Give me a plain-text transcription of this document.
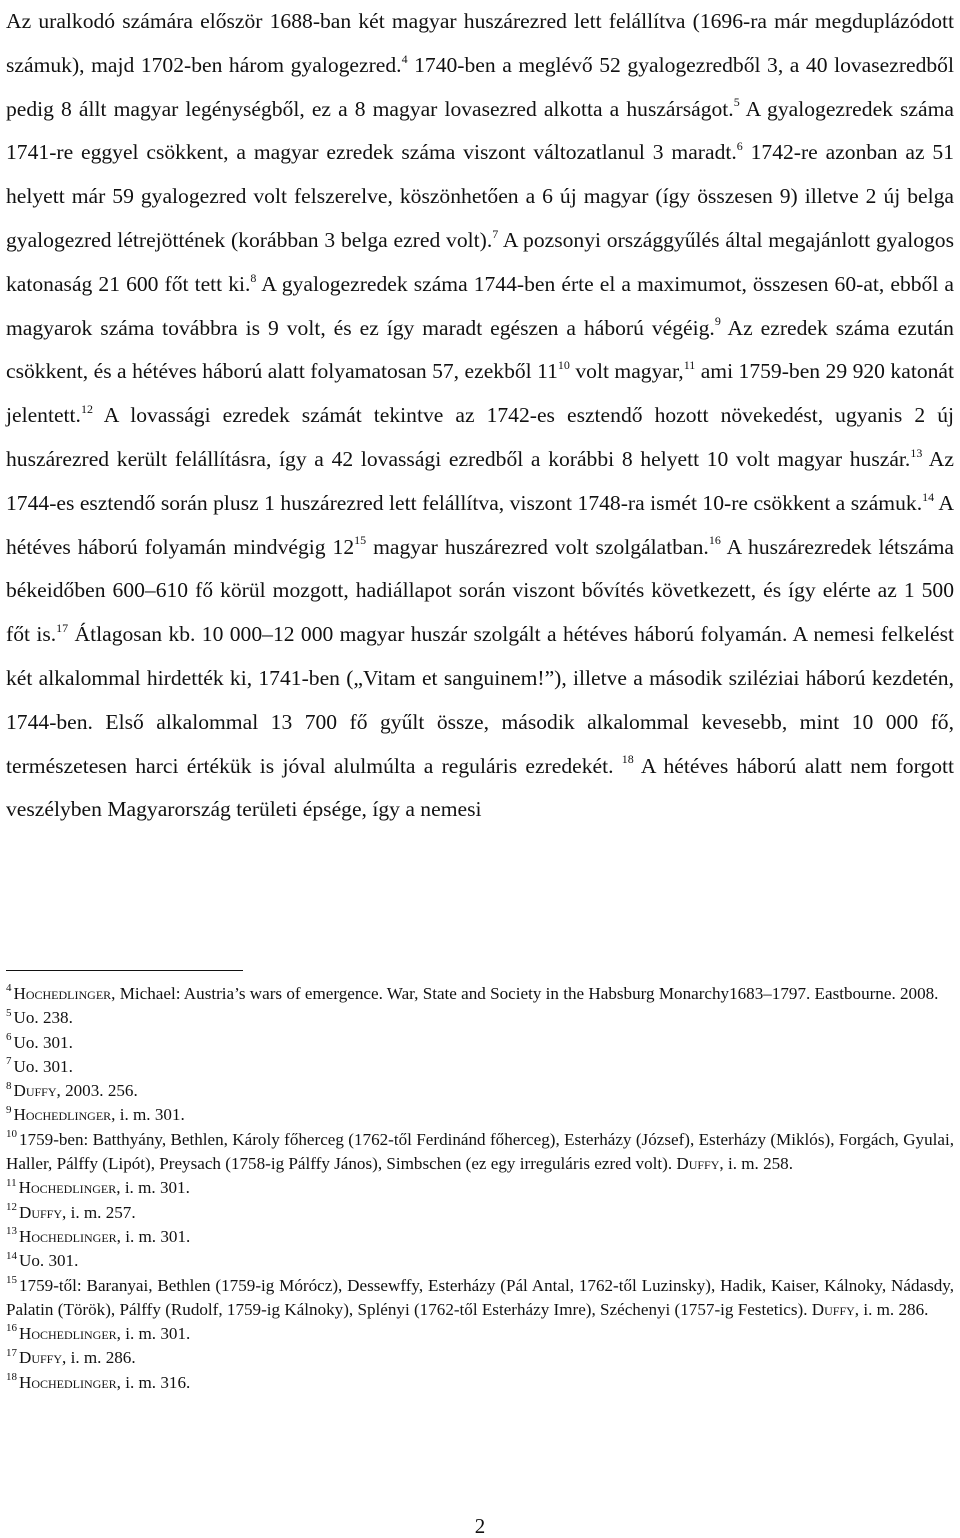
Az uralkodó számára először 1688-ban két magyar huszárezred lett felállítva (1696-ra már megduplázódott számuk), majd 1702-ben három gyalogezred.$^4$ 1740-ben a meglévő 52 gyalogezredből 3, a 40 lovasezredből pedig 8 állt magyar legénységből, ez a 8 magyar lovasezred alkotta a huszárságot.$^5$ A gyalogezredek száma 1741-re eggyel csökkent, a magyar ezredek száma viszont változatlanul 3 maradt.$^6$ 1742-re azonban az 51 helyett már 59 gyalogezred volt felszerelve, köszönhetően a 6 új magyar (így összesen 9) illetve 2 új belga gyalogezred létrejöttének (korábban 3 belga ezred volt).$^7$ A pozsonyi országgyűlés által megajánlott gyalogos katonaság 21 600 főt tett ki.$^8$ A gyalogezredek száma 1744-ben érte el a maximumot, összesen 60-at, ebből a magyarok száma továbbra is 9 volt, és ez így maradt egészen a háború végéig.$^9$ Az ezredek száma ezután csökkent, és a hétéves háború alatt folyamatosan 57, ezekből $11^{10}$ volt magyar,$^{11}$ ami 1759-ben 29 920 katonát jelentett.$^{12}$ A lovassági ezredek számát tekintve az 1742-es esztendő hozott növekedést, ugyanis 2 új huszárezred került felállításra, így a 42 lovassági ezredből a korábbi 8 helyett 10 volt magyar huszár.$^{13}$ Az 1744-es esztendő során plusz 1 huszárezred lett felállítva, viszont 1748-ra ismét 10-re csökkent a számuk.$^{14}$ A hétéves háború folyamán mindvégig $12^{15}$ magyar huszárezred volt szolgálatban.$^{16}$ A huszárezredek létszáma békeidőben 600–610 fő körül mozgott, hadiállapot során viszont bővítés következett, és így elérte az 1 500 főt is.$^{17}$ Átlagosan kb. 10 000–12 000 magyar huszár szolgált a hétéves háború folyamán. A nemesi felkelést két alkalommal hirdették ki, 1741-ben („Vitam et sanguinem!”), illetve a második sziléziai háború kezdetén, 1744-ben. Első alkalommal 13 700 fő gyűlt össze, második alkalommal kevesebb, mint 10 000 fő, természetesen harci értékük is jóval alulmúlta a reguláris ezredekét. $^{18}$ A hétéves háború alatt nem forgott veszélyben Magyarország területi épsége, így a nemesi

$^4$ Hochedlinger, Michael: Austria’s wars of emergence. War, State and Society in the Habsburg Monarchy1683–1797. Eastbourne. 2008.

$^5$ Uo. 238.

$^6$ Uo. 301.

$^7$ Uo. 301.

$^8$ Duffy, 2003. 256.

$^9$ Hochedlinger, i. m. 301.

$^{10}$ 1759-ben: Batthyány, Bethlen, Károly főherceg (1762-től Ferdinánd főherceg), Esterházy (József), Esterházy (Miklós), Forgách, Gyulai, Haller, Pálffy (Lipót), Preysach (1758-ig Pálffy János), Simbschen (ez egy irreguláris ezred volt). Duffy, i. m. 258.

$^{11}$ Hochedlinger, i. m. 301.

$^{12}$ Duffy, i. m. 257.

$^{13}$ Hochedlinger, i. m. 301.

$^{14}$ Uo. 301.

$^{15}$ 1759-től: Baranyai, Bethlen (1759-ig Mórócz), Dessewffy, Esterházy (Pál Antal, 1762-től Luzinsky), Hadik, Kaiser, Kálnoky, Nádasdy, Palatin (Török), Pálffy (Rudolf, 1759-ig Kálnoky), Splényi (1762-től Esterházy Imre), Széchenyi (1757-ig Festetics). Duffy, i. m. 286.

$^{16}$ Hochedlinger, i. m. 301.

$^{17}$ Duffy, i. m. 286.

$^{18}$ Hochedlinger, i. m. 316.

2
